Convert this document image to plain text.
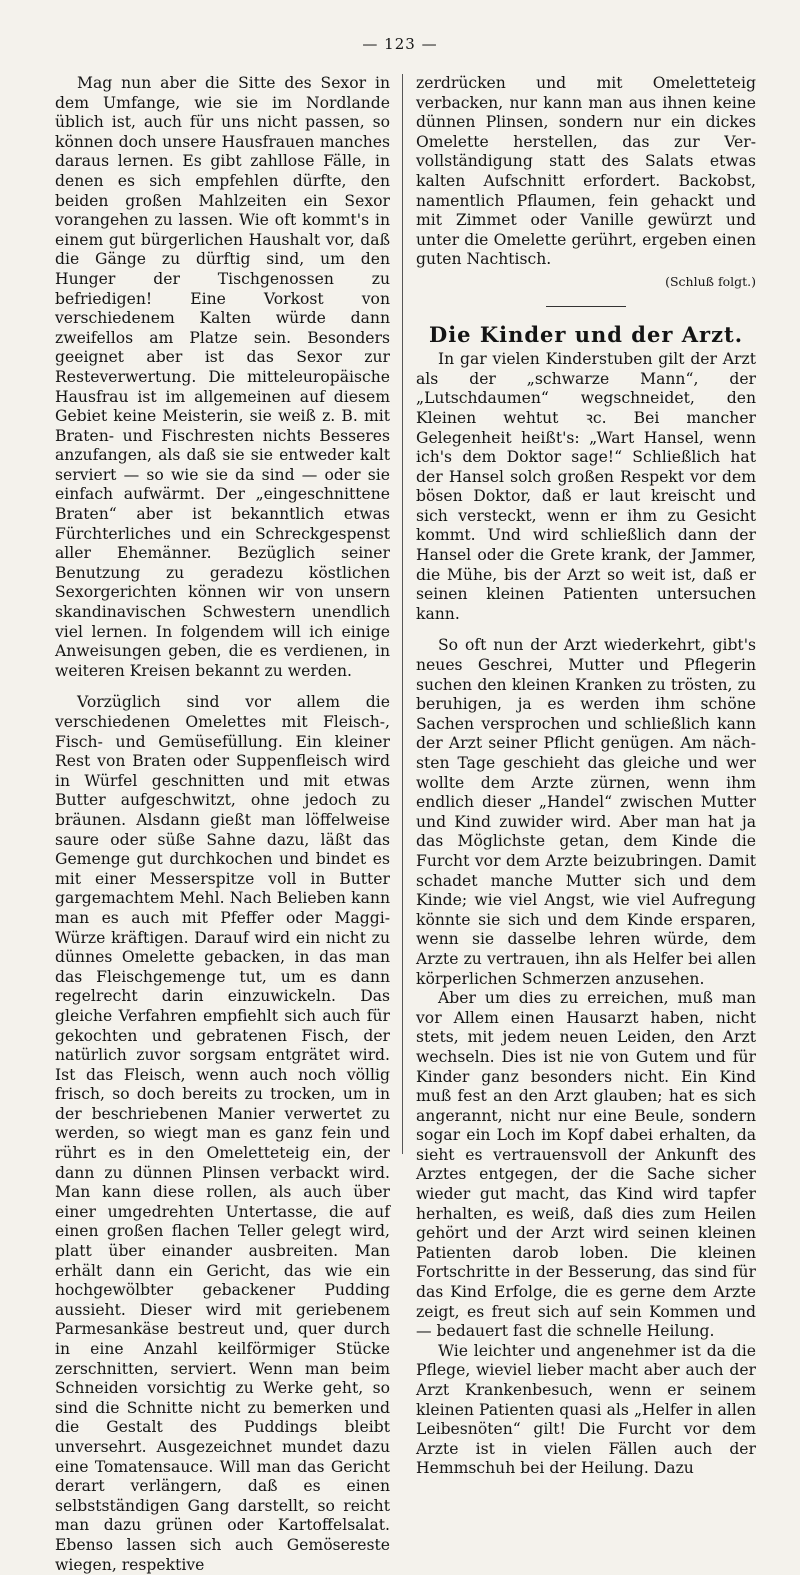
— 123 —

Mag nun aber die Sitte des Sexor in dem Umfange, wie sie im Nordlande üblich ist, auch für uns nicht passen, so können doch unsere Hausfrauen manches daraus lernen. Es gibt zahllose Fälle, in denen es sich empfehlen dürfte, den beiden großen Mahlzeiten ein Sexor vorangehen zu lassen. Wie oft kommt's in einem gut bürgerlichen Haushalt vor, daß die Gänge zu dürftig sind, um den Hunger der Tischgenossen zu befriedigen! Eine Vorkost von verschiedenem Kalten würde dann zweifellos am Platze sein. Besonders geeignet aber ist das Sexor zur Resteverwertung. Die mitteleuropäische Hausfrau ist im allgemeinen auf diesem Gebiet keine Meisterin, sie weiß z. B. mit Braten- und Fischresten nichts Besseres anzufangen, als daß sie sie entweder kalt serviert — so wie sie da sind — oder sie einfach aufwärmt. Der „eingeschnittene Braten“ aber ist bekanntlich etwas Fürchterliches und ein Schreckgespenst aller Ehemänner. Bezüglich seiner Benutzung zu geradezu köstlichen Sexorgerichten können wir von unsern skandinavischen Schwestern unendlich viel lernen. In folgendem will ich einige Anweisungen geben, die es verdienen, in weiteren Kreisen bekannt zu werden.

Vorzüglich sind vor allem die verschiedenen Omelettes mit Fleisch-, Fisch- und Gemüsefüllung. Ein kleiner Rest von Braten oder Suppenfleisch wird in Würfel geschnitten und mit etwas Butter aufgeschwitzt, ohne jedoch zu bräunen. Alsdann gießt man löffelweise saure oder süße Sahne dazu, läßt das Gemenge gut durchkochen und bindet es mit einer Messerspitze voll in Butter gargemachtem Mehl. Nach Belieben kann man es auch mit Pfeffer oder Maggi-Würze kräftigen. Darauf wird ein nicht zu dünnes Omelette gebacken, in das man das Fleischgemenge tut, um es dann regelrecht darin einzuwickeln. Das gleiche Verfahren empfiehlt sich auch für gekochten und gebratenen Fisch, der natürlich zuvor sorgsam entgrätet wird. Ist das Fleisch, wenn auch noch völlig frisch, so doch bereits zu trocken, um in der beschriebenen Manier verwertet zu werden, so wiegt man es ganz fein und rührt es in den Omeletteteig ein, der dann zu dünnen Plinsen verbackt wird. Man kann diese rollen, als auch über einer umgedrehten Untertasse, die auf einen großen flachen Teller gelegt wird, platt über einander ausbreiten. Man erhält dann ein Gericht, das wie ein hochgewölbter gebackener Pudding aussieht. Dieser wird mit geriebenem Parmesankäse bestreut und, quer durch in eine Anzahl keilförmiger Stücke zerschnitten, serviert. Wenn man beim Schneiden vorsichtig zu Werke geht, so sind die Schnitte nicht zu bemerken und die Gestalt des Puddings bleibt unversehrt. Ausgezeichnet mundet dazu eine Tomatensauce. Will man das Gericht derart verlängern, daß es einen selbstständigen Gang darstellt, so reicht man dazu grünen oder Kartoffelsalat. Ebenso lassen sich auch Gemösereste wiegen, respektive

zerdrücken und mit Omeletteteig verbacken, nur kann man aus ihnen keine dünnen Plinsen, sondern nur ein dickes Omelette herstellen, das zur Vervollständigung statt des Salats etwas kalten Aufschnitt erfordert. Backobst, namentlich Pflaumen, fein gehackt und mit Zimmet oder Vanille gewürzt und unter die Omelette gerührt, ergeben einen guten Nachtisch.

(Schluß folgt.)
Die Kinder und der Arzt.

In gar vielen Kinderstuben gilt der Arzt als der „schwarze Mann“, der „Lutschdaumen“ wegschneidet, den Kleinen wehtut ꝛc. Bei mancher Gelegenheit heißt's: „Wart Hansel, wenn ich's dem Doktor sage!“ Schließlich hat der Hansel solch großen Respekt vor dem bösen Doktor, daß er laut kreischt und sich versteckt, wenn er ihm zu Gesicht kommt. Und wird schließlich dann der Hansel oder die Grete krank, der Jammer, die Mühe, bis der Arzt so weit ist, daß er seinen kleinen Patienten untersuchen kann.

So oft nun der Arzt wiederkehrt, gibt's neues Geschrei, Mutter und Pflegerin suchen den kleinen Kranken zu trösten, zu beruhigen, ja es werden ihm schöne Sachen versprochen und schließlich kann der Arzt seiner Pflicht genügen. Am nächsten Tage geschieht das gleiche und wer wollte dem Arzte zürnen, wenn ihm endlich dieser „Handel“ zwischen Mutter und Kind zuwider wird. Aber man hat ja das Möglichste getan, dem Kinde die Furcht vor dem Arzte beizubringen. Damit schadet manche Mutter sich und dem Kinde; wie viel Angst, wie viel Aufregung könnte sie sich und dem Kinde ersparen, wenn sie dasselbe lehren würde, dem Arzte zu vertrauen, ihn als Helfer bei allen körperlichen Schmerzen anzusehen.

Aber um dies zu erreichen, muß man vor Allem einen Hausarzt haben, nicht stets, mit jedem neuen Leiden, den Arzt wechseln. Dies ist nie von Gutem und für Kinder ganz besonders nicht. Ein Kind muß fest an den Arzt glauben; hat es sich angerannt, nicht nur eine Beule, sondern sogar ein Loch im Kopf dabei erhalten, da sieht es vertrauensvoll der Ankunft des Arztes entgegen, der die Sache sicher wieder gut macht, das Kind wird tapfer herhalten, es weiß, daß dies zum Heilen gehört und der Arzt wird seinen kleinen Patienten darob loben. Die kleinen Fortschritte in der Besserung, das sind für das Kind Erfolge, die es gerne dem Arzte zeigt, es freut sich auf sein Kommen und — bedauert fast die schnelle Heilung.

Wie leichter und angenehmer ist da die Pflege, wieviel lieber macht aber auch der Arzt Krankenbesuch, wenn er seinem kleinen Patienten quasi als „Helfer in allen Leibesnöten“ gilt! Die Furcht vor dem Arzte ist in vielen Fällen auch der Hemmschuh bei der Heilung. Dazu
